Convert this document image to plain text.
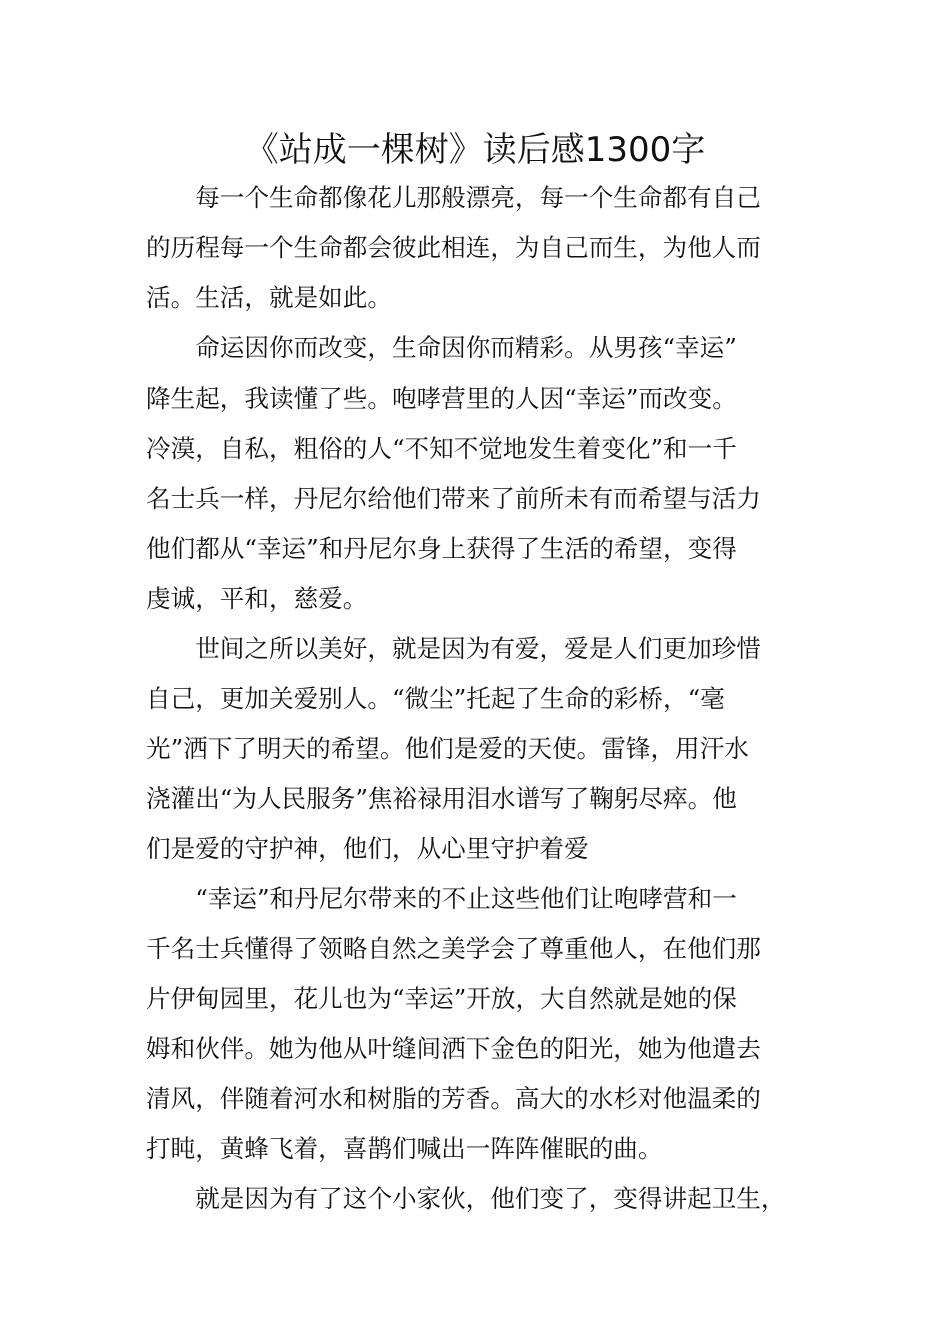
《站成一棵树》读后感1300字
　　每一个生命都像花儿那般漂亮，每一个生命都有自己
的历程每一个生命都会彼此相连，为自己而生，为他人而
活。生活，就是如此。
　　命运因你而改变，生命因你而精彩。从男孩“幸运”
降生起，我读懂了些。咆哮营里的人因“幸运”而改变。
冷漠，自私，粗俗的人“不知不觉地发生着变化”和一千
名士兵一样，丹尼尔给他们带来了前所未有而希望与活力
他们都从“幸运”和丹尼尔身上获得了生活的希望，变得
虔诚，平和，慈爱。
　　世间之所以美好，就是因为有爱，爱是人们更加珍惜
自己，更加关爱别人。“微尘”托起了生命的彩桥，“毫
光”洒下了明天的希望。他们是爱的天使。雷锋，用汗水
浇灌出“为人民服务”焦裕禄用泪水谱写了鞠躬尽瘁。他
们是爱的守护神，他们，从心里守护着爱
　　“幸运”和丹尼尔带来的不止这些他们让咆哮营和一
千名士兵懂得了领略自然之美学会了尊重他人，在他们那
片伊甸园里，花儿也为“幸运”开放，大自然就是她的保
姆和伙伴。她为他从叶缝间洒下金色的阳光，她为他遣去
清风，伴随着河水和树脂的芳香。高大的水杉对他温柔的
打盹，黄蜂飞着，喜鹊们喊出一阵阵催眠的曲。
　　就是因为有了这个小家伙，他们变了，变得讲起卫生，
